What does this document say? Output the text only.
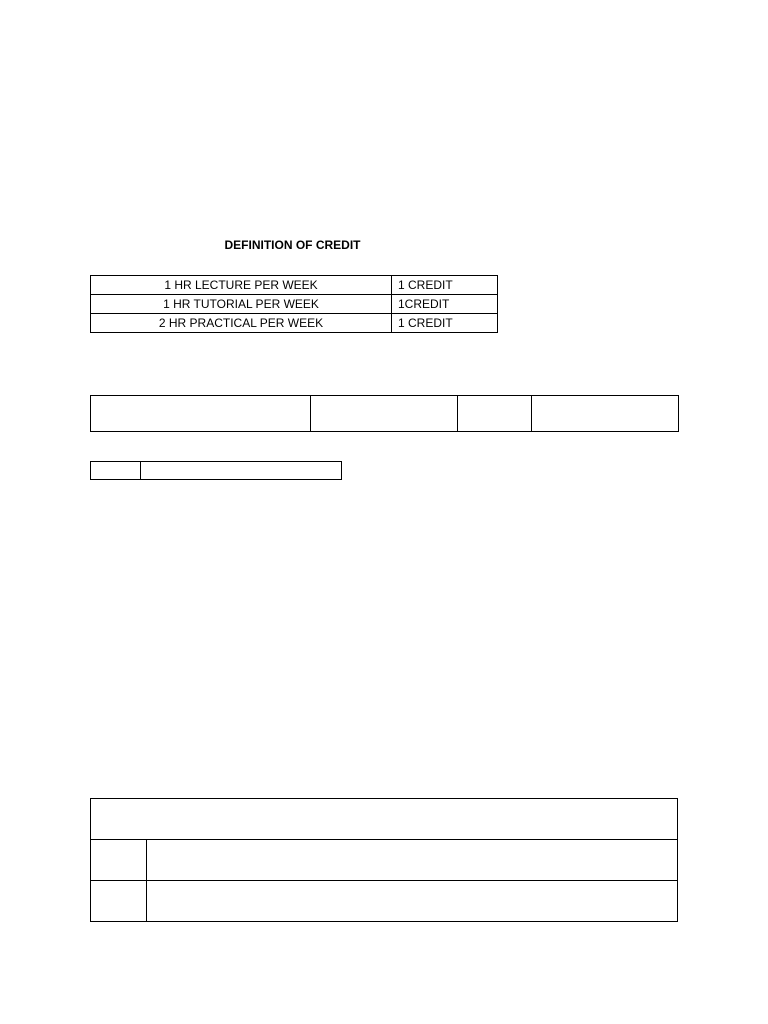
DEFINITION OF CREDIT
1 HR LECTURE PER WEEK	1 CREDIT
1 HR TUTORIAL PER WEEK	1CREDIT
2 HR PRACTICAL PER WEEK	1 CREDIT
